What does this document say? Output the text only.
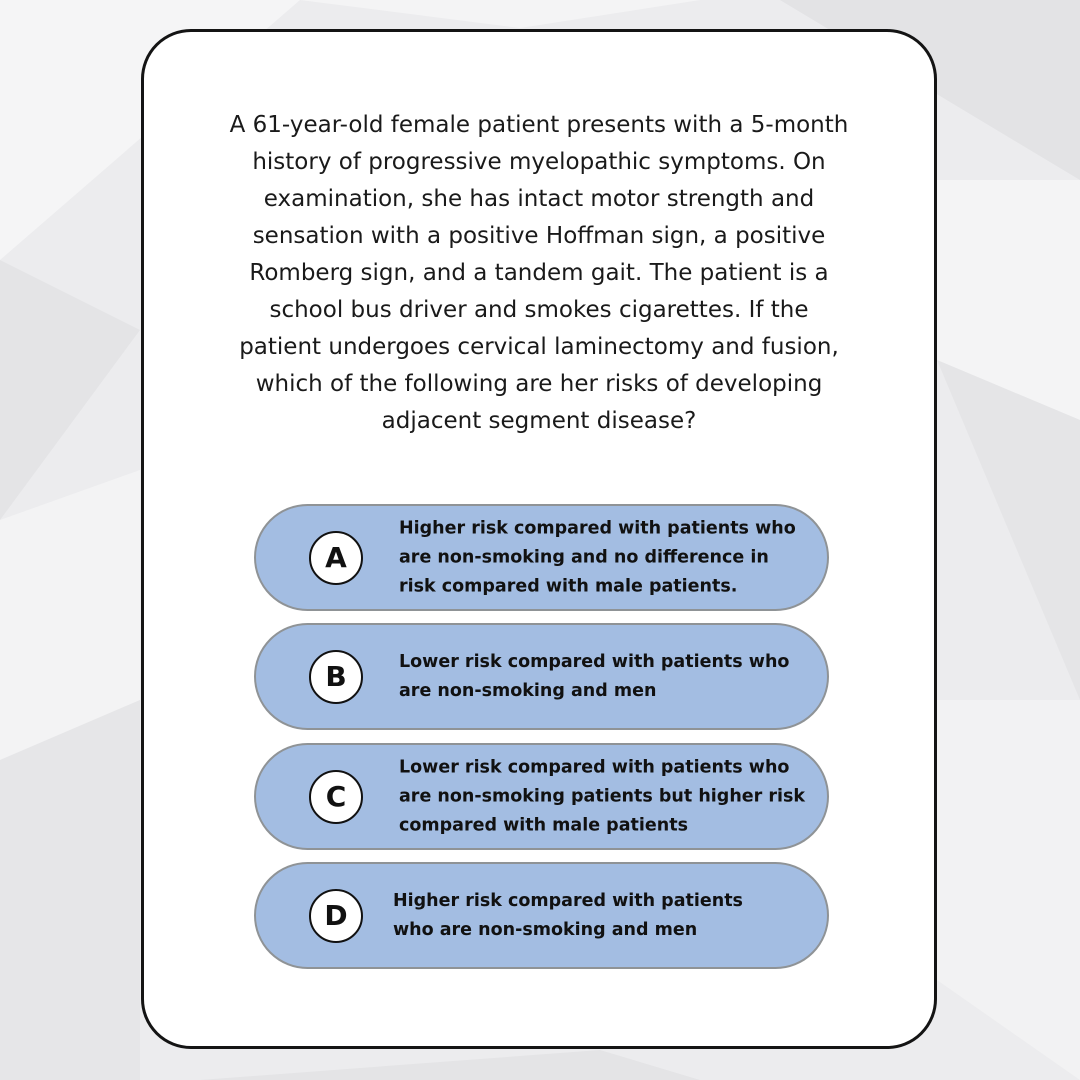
A 61-year-old female patient presents with a 5-month
history of progressive myelopathic symptoms. On
examination, she has intact motor strength and
sensation with a positive Hoffman sign, a positive
Romberg sign, and a tandem gait. The patient is a
school bus driver and smokes cigarettes. If the
patient undergoes cervical laminectomy and fusion,
which of the following are her risks of developing
adjacent segment disease?

A
Higher risk compared with patients who
are non-smoking and no difference in
risk compared with male patients.
B	Lower risk compared with patients who
are non-smoking and men
C
Lower risk compared with patients who
are non-smoking patients but higher risk
compared with male patients
D	Higher risk compared with patients
who are non-smoking and men
